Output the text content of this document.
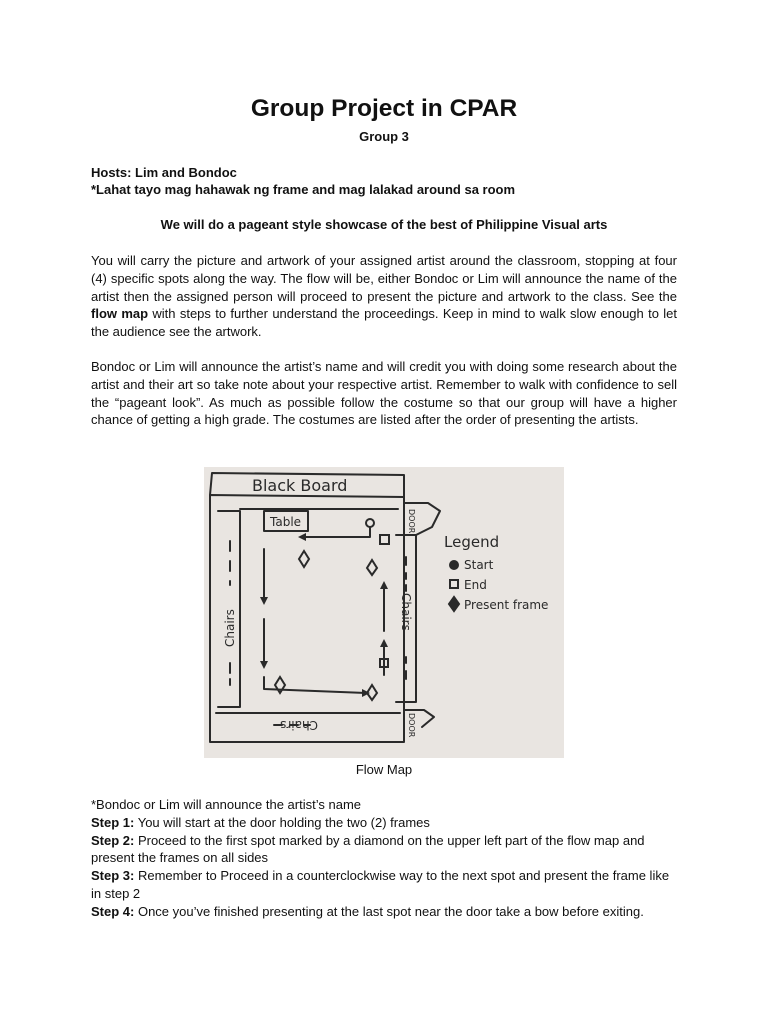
Group Project in CPAR
Group 3
Hosts: Lim and Bondoc
*Lahat tayo mag hahawak ng frame and mag lalakad around sa room
We will do a pageant style showcase of the best of Philippine Visual arts

You will carry the picture and artwork of your assigned artist around the classroom, stopping at four (4) specific spots along the way. The flow will be, either Bondoc or Lim will announce the name of the artist then the assigned person will proceed to present the picture and artwork to the class. See the flow map with steps to further understand the proceedings. Keep in mind to walk slow enough to let the audience see the artwork.

Bondoc or Lim will announce the artist’s name and will credit you with doing some research about the artist and their art so take note about your respective artist. Remember to walk with confidence to sell the “pageant look”. As much as possible follow the costume so that our group will have a higher chance of getting a high grade. The costumes are listed after the order of presenting the artists.

Black Board
Table	DOOR
DOOR
Chairs	Chairs
Chairs
Legend
Start
End
Present frame
Flow Map

*Bondoc or Lim will announce the artist’s name

Step 1: You will start at the door holding the two (2) frames

Step 2: Proceed to the first spot marked by a diamond on the upper left part of the flow map and present the frames on all sides

Step 3: Remember to Proceed in a counterclockwise way to the next spot and present the frame like in step 2

Step 4: Once you’ve finished presenting at the last spot near the door take a bow before exiting.
